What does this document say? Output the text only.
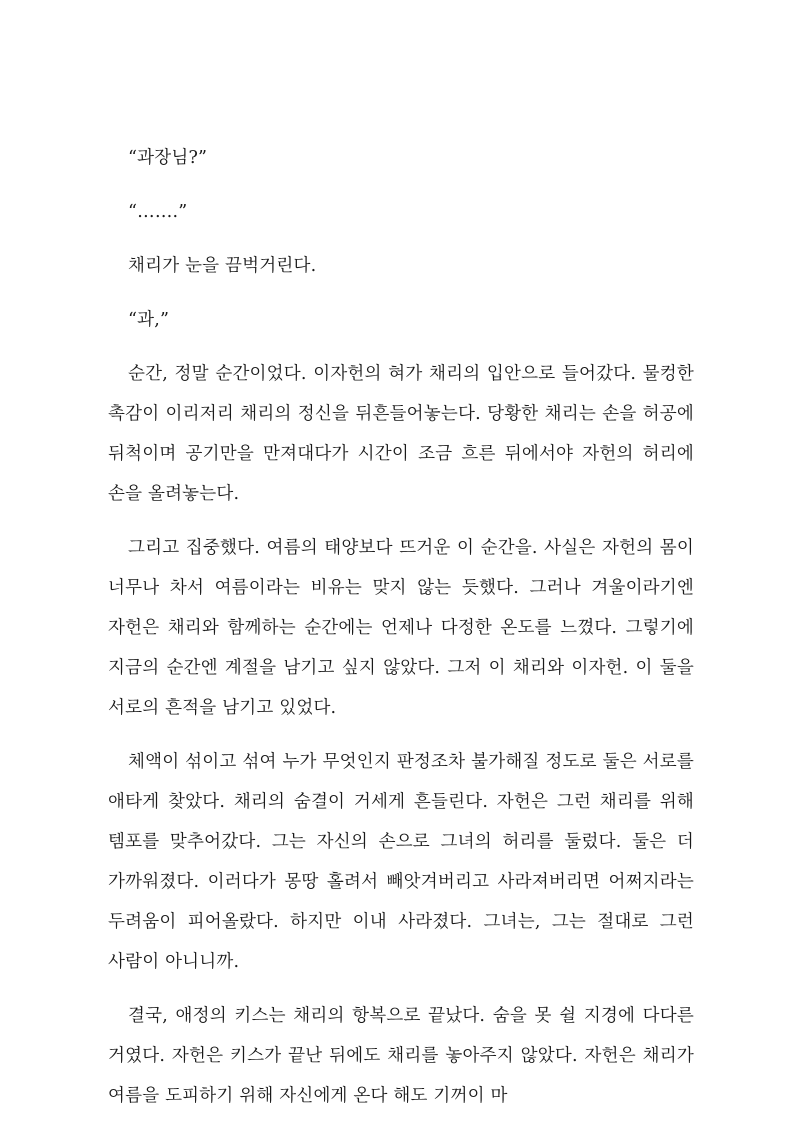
“과장님?”

“…….”

채리가 눈을 끔벅거린다.

“과,”

순간, 정말 순간이었다. 이자헌의 혀가 채리의 입안으로 들어갔다. 물컹한 촉감이 이리저리 채리의 정신을 뒤흔들어놓는다. 당황한 채리는 손을 허공에 뒤척이며 공기만을 만져대다가 시간이 조금 흐른 뒤에서야 자헌의 허리에 손을 올려놓는다.

그리고 집중했다. 여름의 태양보다 뜨거운 이 순간을. 사실은 자헌의 몸이 너무나 차서 여름이라는 비유는 맞지 않는 듯했다. 그러나 겨울이라기엔 자헌은 채리와 함께하는 순간에는 언제나 다정한 온도를 느꼈다. 그렇기에 지금의 순간엔 계절을 남기고 싶지 않았다. 그저 이 채리와 이자헌. 이 둘을 서로의 흔적을 남기고 있었다.

체액이 섞이고 섞여 누가 무엇인지 판정조차 불가해질 정도로 둘은 서로를 애타게 찾았다. 채리의 숨결이 거세게 흔들린다. 자헌은 그런 채리를 위해 템포를 맞추어갔다. 그는 자신의 손으로 그녀의 허리를 둘렀다. 둘은 더 가까워졌다. 이러다가 몽땅 홀려서 빼앗겨버리고 사라져버리면 어쩌지라는 두려움이 피어올랐다. 하지만 이내 사라졌다. 그녀는, 그는 절대로 그런 사람이 아니니까.

결국, 애정의 키스는 채리의 항복으로 끝났다. 숨을 못 쉴 지경에 다다른 거였다. 자헌은 키스가 끝난 뒤에도 채리를 놓아주지 않았다. 자헌은 채리가 여름을 도피하기 위해 자신에게 온다 해도 기꺼이 마
